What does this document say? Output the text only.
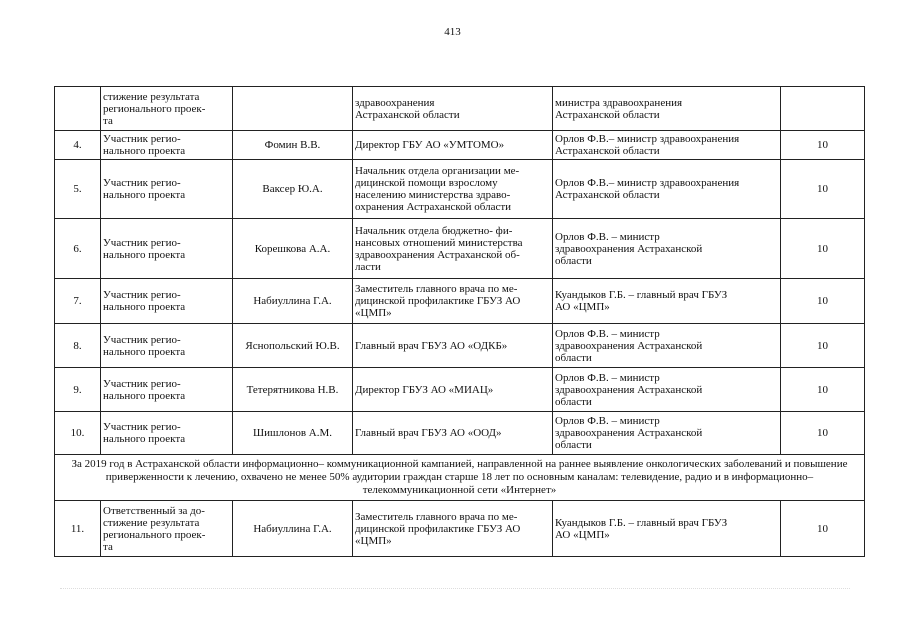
413

	стижение результата
регионального проек-
та		здравоохранения
Астраханской области	министра здравоохранения
Астраханской области	

4.	Участник регио-
нального проекта	Фомин В.В.	Директор ГБУ АО «УМТОМО»	Орлов Ф.В.– министр здравоохранения
Астраханской области	10
5.	Участник регио-
нального проекта	Ваксер Ю.А.	Начальник отдела организации ме-
дицинской помощи взрослому
населению министерства здраво-
охранения Астраханской области	Орлов Ф.В.– министр здравоохранения
Астраханской области	10
6.	Участник регио-
нального проекта	Корешкова А.А.	Начальник отдела бюджетно- фи-
нансовых отношений министерства
здравоохранения Астраханской об-
ласти	Орлов Ф.В. – министр
здравоохранения Астраханской
области	10
7.	Участник регио-
нального проекта	Набиуллина Г.А.	Заместитель главного врача по ме-
дицинской профилактике ГБУЗ АО
«ЦМП»	Куандыков Г.Б. – главный врач ГБУЗ
АО «ЦМП»	10
8.	Участник регио-
нального проекта	Яснопольский Ю.В.	Главный врач ГБУЗ АО «ОДКБ»	Орлов Ф.В. – министр
здравоохранения Астраханской
области	10
9.	Участник регио-
нального проекта	Тетерятникова Н.В.	Директор ГБУЗ АО «МИАЦ»	Орлов Ф.В. – министр
здравоохранения Астраханской
области	10
10.	Участник регио-
нального проекта	Шишлонов А.М.	Главный врач ГБУЗ АО «ООД»	Орлов Ф.В. – министр
здравоохранения Астраханской
области	10
За 2019 год в Астраханской области информационно– коммуникационной кампанией, направленной на раннее выявление онкологических заболеваний и повышение приверженности к лечению, охвачено не менее 50% аудитории граждан старше 18 лет по основным каналам: телевидение, радио и в информационно– телекоммуникационной сети «Интернет»					
11.	Ответственный за до-
стижение результата
регионального проек-
та	Набиуллина Г.А.	Заместитель главного врача по ме-
дицинской профилактике ГБУЗ АО
«ЦМП»	Куандыков Г.Б. – главный врач ГБУЗ
АО «ЦМП»	10
